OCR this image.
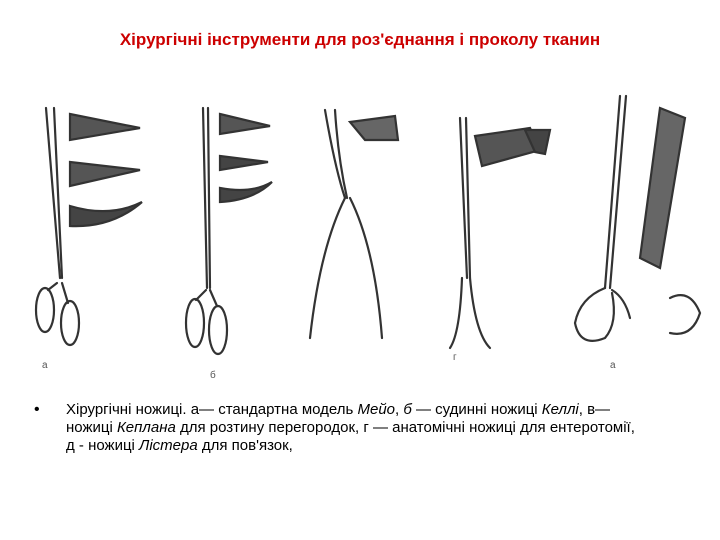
Хірургічні інструменти для роз'єднання і проколу тканин
а
б
г
а
• Хірургічні ножиці. а— стандартна модель Мейо, б — судинні ножиці Келлі, в— ножиці Кеплана для розтину перегородок, г — анатомічні ножиці для ентеротомії, д - ножиці Лістера для пов'язок,
